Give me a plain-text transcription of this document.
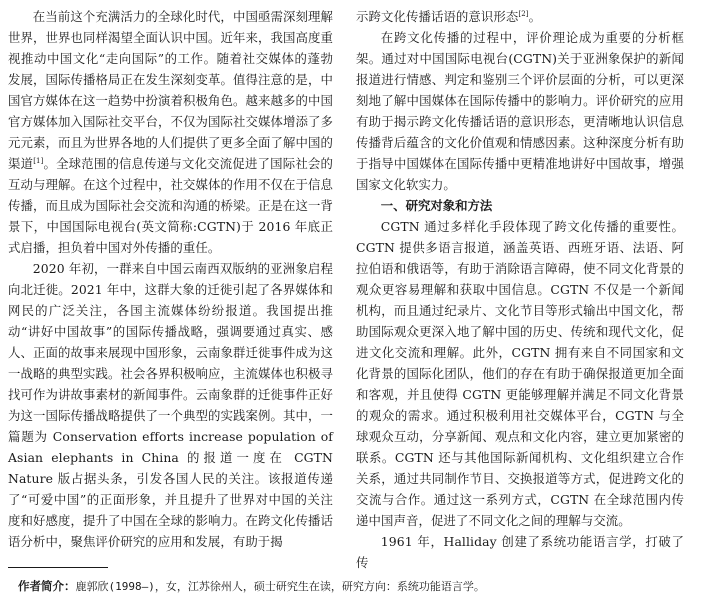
在当前这个充满活力的全球化时代，中国亟需深刻理解世界，世界也同样渴望全面认识中国。近年来，我国高度重视推动中国文化“走向国际”的工作。随着社交媒体的蓬勃发展，国际传播格局正在发生深刻变革。值得注意的是，中国官方媒体在这一趋势中扮演着积极角色。越来越多的中国官方媒体加入国际社交平台，不仅为国际社交媒体增添了多元元素，而且为世界各地的人们提供了更多全面了解中国的渠道[1]。全球范围的信息传递与文化交流促进了国际社会的互动与理解。在这个过程中，社交媒体的作用不仅在于信息传播，而且成为国际社会交流和沟通的桥梁。正是在这一背景下，中国国际电视台(英文简称:CGTN)于 2016 年底正式启播，担负着中国对外传播的重任。

2020 年初，一群来自中国云南西双版纳的亚洲象启程向北迁徙。2021 年中，这群大象的迁徙引起了各界媒体和网民的广泛关注，各国主流媒体纷纷报道。我国提出推动“讲好中国故事”的国际传播战略，强调要通过真实、感人、正面的故事来展现中国形象，云南象群迁徙事件成为这一战略的典型实践。社会各界积极响应，主流媒体也积极寻找可作为讲故事素材的新闻事件。云南象群的迁徙事件正好为这一国际传播战略提供了一个典型的实践案例。其中，一篇题为 Conservation efforts increase population of Asian elephants in China 的报道一度在 CGTN Nature 版占据头条，引发各国人民的关注。该报道传递了“可爱中国”的正面形象，并且提升了世界对中国的关注度和好感度，提升了中国在全球的影响力。在跨文化传播话语分析中，聚焦评价研究的应用和发展，有助于揭

示跨文化传播话语的意识形态[2]。

在跨文化传播的过程中，评价理论成为重要的分析框架。通过对中国国际电视台(CGTN)关于亚洲象保护的新闻报道进行情感、判定和鉴别三个评价层面的分析，可以更深刻地了解中国媒体在国际传播中的影响力。评价研究的应用有助于揭示跨文化传播话语的意识形态，更清晰地认识信息传播背后蕴含的文化价值观和情感因素。这种深度分析有助于指导中国媒体在国际传播中更精准地讲好中国故事，增强国家文化软实力。

一、研究对象和方法

CGTN 通过多样化手段体现了跨文化传播的重要性。CGTN 提供多语言报道，涵盖英语、西班牙语、法语、阿拉伯语和俄语等，有助于消除语言障碍，使不同文化背景的观众更容易理解和获取中国信息。CGTN 不仅是一个新闻机构，而且通过纪录片、文化节目等形式输出中国文化，帮助国际观众更深入地了解中国的历史、传统和现代文化，促进文化交流和理解。此外，CGTN 拥有来自不同国家和文化背景的国际化团队，他们的存在有助于确保报道更加全面和客观，并且使得 CGTN 更能够理解并满足不同文化背景的观众的需求。通过积极利用社交媒体平台，CGTN 与全球观众互动，分享新闻、观点和文化内容，建立更加紧密的联系。CGTN 还与其他国际新闻机构、文化组织建立合作关系，通过共同制作节目、交换报道等方式，促进跨文化的交流与合作。通过这一系列方式，CGTN 在全球范围内传递中国声音，促进了不同文化之间的理解与交流。

1961 年，Halliday 创建了系统功能语言学，打破了传

作者简介：鹿郭欣(1998—)，女，江苏徐州人，硕士研究生在读，研究方向：系统功能语言学。
